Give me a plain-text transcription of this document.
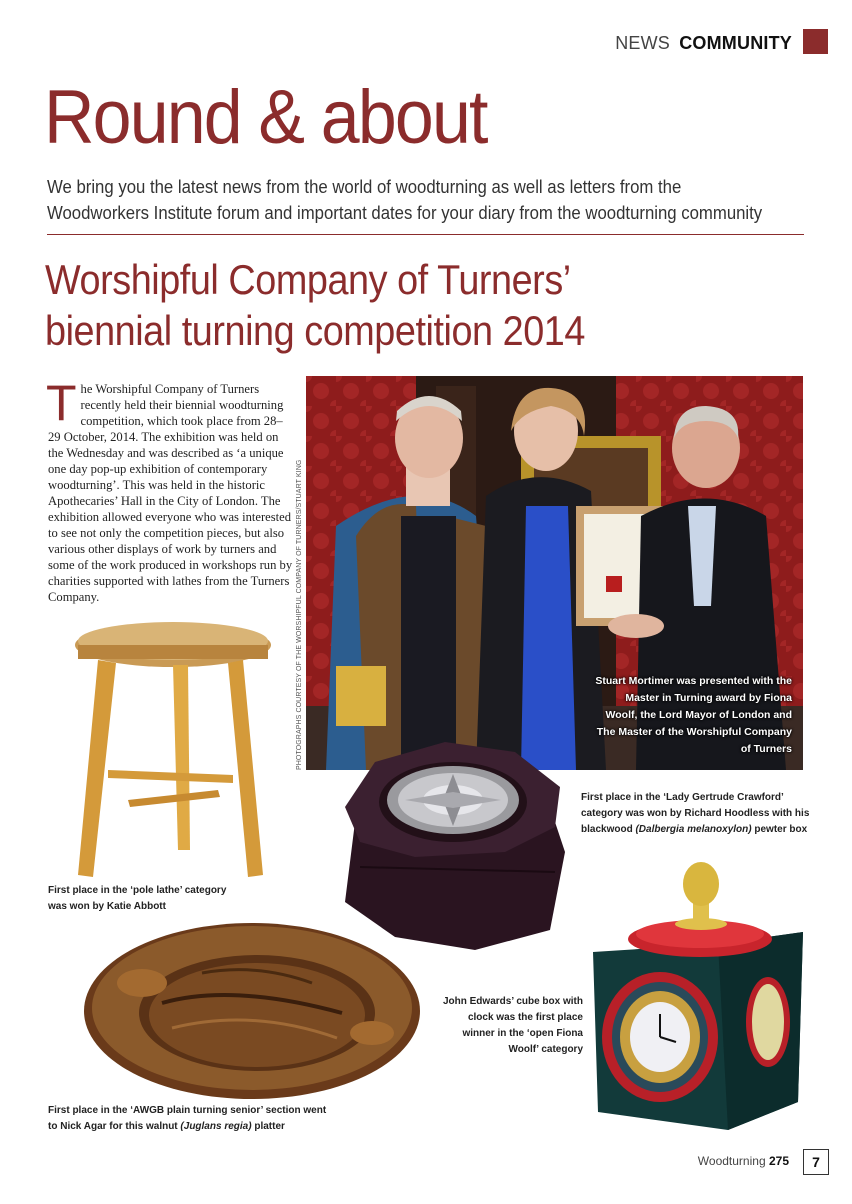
NEWS COMMUNITY
Round & about

We bring you the latest news from the world of woodturning as well as letters from the Woodworkers Institute forum and important dates for your diary from the woodturning community

Worshipful Company of Turners’
biennial turning competition 2014
The Worshipful Company of Turners recently held their biennial woodturning competition, which took place from 28–29 October, 2014. The exhibition was held on the Wednesday and was described as ‘a unique one day pop-up exhibition of contemporary woodturning’. This was held in the historic Apothecaries’ Hall in the City of London. The exhibition allowed everyone who was interested to see not only the competition pieces, but also various other displays of work by turners and some of the work produced in workshops run by charities supported with lathes from the Turners Company.	PHOTOGRAPHS COURTESY OF THE WORSHIPFUL COMPANY OF TURNERS/STUART KING	Stuart Mortimer was presented with the Master in Turning award by Fiona Woolf, the Lord Mayor of London and The Master of the Worshipful Company of Turners
First place in the ‘Lady Gertrude Crawford’ category was won by Richard Hoodless with his blackwood (Dalbergia melanoxylon) pewter box
First place in the ‘pole lathe’ category was won by Katie Abbott
First place in the ‘AWGB plain turning senior’ section went to Nick Agar for this walnut (Juglans regia) platter
John Edwards’ cube box with clock was the first place winner in the ‘open Fiona Woolf’ category
Woodturning 275	7
